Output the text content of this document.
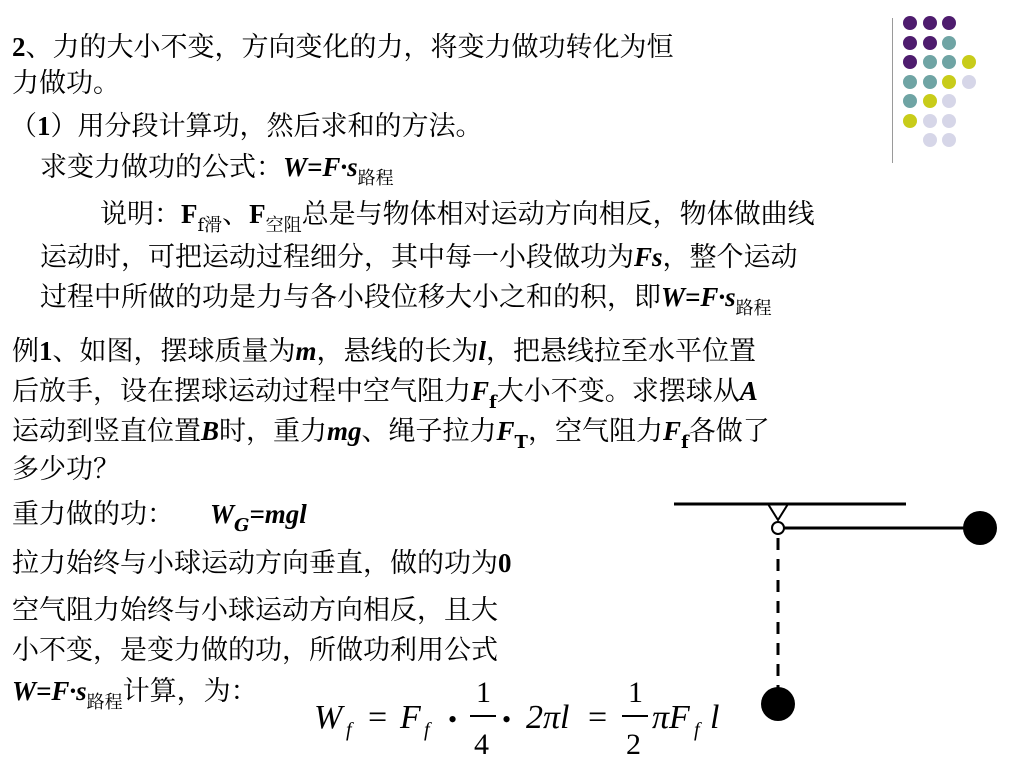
2、力的大小不变，方向变化的力，将变力做功转化为恒
力做功。
（1）用分段计算功，然后求和的方法。
求变力做功的公式：$W=F\cdot s_{路程}$
说明：$F_{f滑}$、$F_{空阻}$总是与物体相对运动方向相反，物体做曲线
运动时，可把运动过程细分，其中每一小段做功为Fs，整个运动
过程中所做的功是力与各小段位移大小之和的积，即$W=F\cdot s_{路程}$
例1、如图，摆球质量为m，悬线的长为l，把悬线拉至水平位置
后放手，设在摆球运动过程中空气阻力$F_f$大小不变。求摆球从A
运动到竖直位置B时，重力mg、绳子拉力$F_T$，空气阻力$F_f$各做了
多少功？
重力做的功： $W_G=mgl$
拉力始终与小球运动方向垂直，做的功为0
空气阻力始终与小球运动方向相反，且大
小不变，是变力做的功，所做功利用公式
$W=F\cdot s_{路程}$计算，为：
W f = F f •
1
4
• 2πl =
1
2
πF f l
